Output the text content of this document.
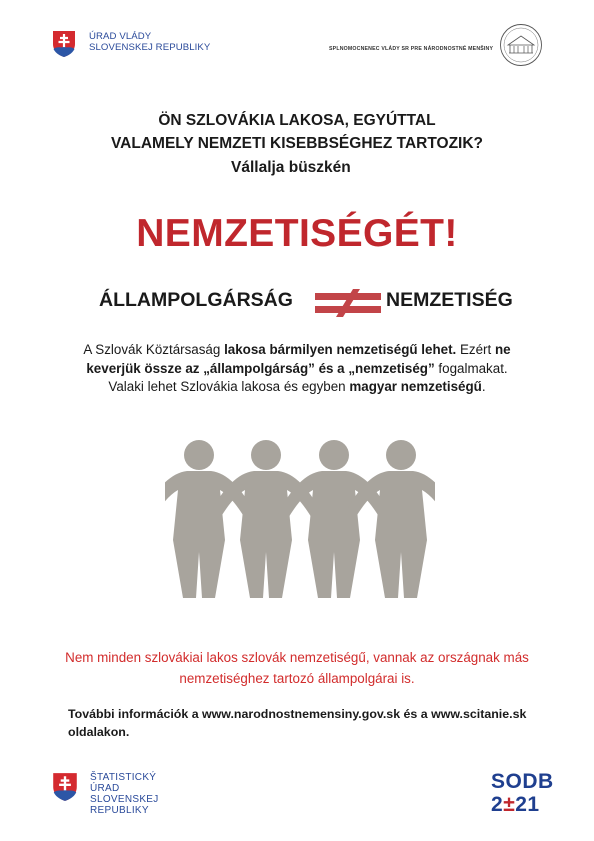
ÚRAD VLÁDY
SLOVENSKEJ REPUBLIKY	SPLNOMOCNENEC VLÁDY SR PRE NÁRODNOSTNÉ MENŠINY
ÖN SZLOVÁKIA LAKOSA, EGYÚTTAL
VALAMELY NEMZETI KISEBBSÉGHEZ TARTOZIK?
Vállalja büszkén
NEMZETISÉGÉT!
ÁLLAMPOLGÁRSÁG	NEMZETISÉG
A Szlovák Köztársaság lakosa bármilyen nemzetiségű lehet. Ezért ne
keverjük össze az „állampolgárság” és a „nemzetiség” fogalmakat.
Valaki lehet Szlovákia lakosa és egyben magyar nemzetiségű.
Nem minden szlovákiai lakos szlovák nemzetiségű, vannak az országnak más
nemzetiséghez tartozó állampolgárai is.
További információk a www.narodnostnemensiny.gov.sk és a www.scitanie.sk
oldalakon.
ŠTATISTICKÝ
ÚRAD
SLOVENSKEJ
REPUBLIKY
SODB
2±21
